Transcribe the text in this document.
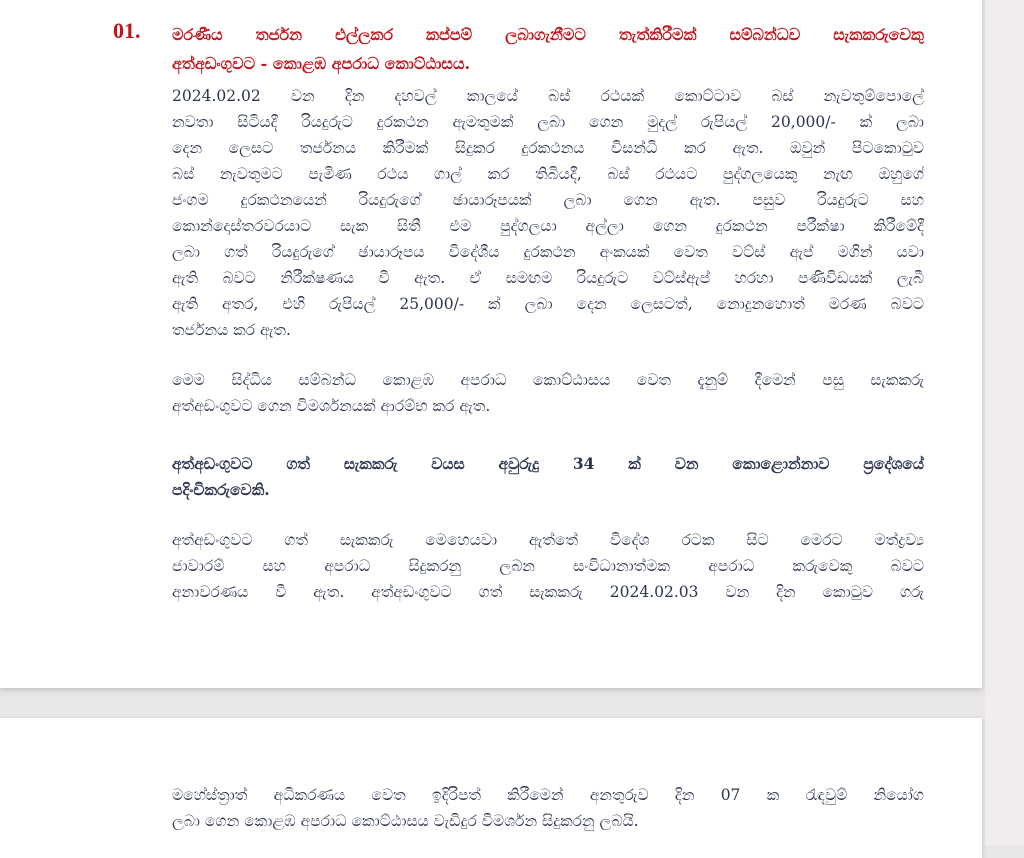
01. මරණීය තර්ජන එල්ලකර කප්පම් ලබාගැනීමට තැත්කිරීමක් සම්බන්ධව සැකකරුවෙකු
අත්අඩංගුවට - කොළඹ අපරාධ කොට්ඨාසය.
2024.02.02 වන දින දහවල් කාලයේ බස් රථයක් කොට්ටාව බස් නැවතුම්පොලේ
නවතා සිටියදී රියදුරුට දුරකථන ඇමතුමක් ලබා ගෙන මුදල් රුපියල් 20,000/- ක් ලබා
දෙන ලෙසට තර්ජනය කිරීමක් සිදුකර දුරකථනය විසන්ධි කර ඇත. ඔවුන් පිටකොටුව
බස් නැවතුමට පැමිණ රථය ගාල් කර තිබියදී, බස් රථයට පුද්ගලයෙකු නැඟ ඔහුගේ
ජංගම දුරකථනයෙන් රියදුරුගේ ඡායාරූපයක් ලබා ගෙන ඇත. පසුව රියදුරුට සහ
කොන්දොස්තරවරයාට සැක සිතී එම පුද්ගලයා අල්ලා ගෙන දුරකථන පරීක්ෂා කිරීමේදී
ලබා ගත් රියදුරුගේ ඡායාරූපය විදේශීය දුරකථන අංකයක් වෙත වට්ස් ඇප් මගින් යවා
ඇති බවට නිරීක්ෂණය වී ඇත. ඒ සමඟම රියදුරුට වට්ස්ඇප් හරහා පණිවිඩයක් ලැබී
ඇති අතර, එහි රුපියල් 25,000/- ක් ලබා දෙන ලෙසටත්, නොදුනහොත් මරණ බවට
තර්ජනය කර ඇත.
මෙම සිද්ධිය සම්බන්ධ කොළඹ අපරාධ කොට්ඨාසය වෙත දැනුම් දීමෙන් පසු සැකකරු
අත්අඩංගුවට ගෙන විමර්ශනයක් ආරම්භ කර ඇත.
අත්අඩංගුවට ගත් සැකකරු වයස අවුරුදු 34 ක් වන කොළොන්නාව ප්‍රදේශයේ
පදිංචිකරුවෙකි.
අත්අඩංගුවට ගත් සැකකරු මෙහෙයවා ඇත්තේ විදේශ රටක සිට මෙරට මත්ද්‍රව්‍ය
ජාවාරම් සහ අපරාධ සිදුකරනු ලබන සංවිධානාත්මක අපරාධ කරුවෙකු බවට
අනාවරණය වී ඇත. අත්අඩංගුවට ගත් සැකකරු 2024.02.03 වන දින කොටුව ගරු
මහේස්ත්‍රාත් අධිකරණය වෙත ඉදිරිපත් කිරීමෙන් අනතුරුව දින 07 ක රැඳවුම් නියෝග
ලබා ගෙන කොළඹ අපරාධ කොට්ඨාසය වැඩිදුර විමර්ශන සිදුකරනු ලබයි.
